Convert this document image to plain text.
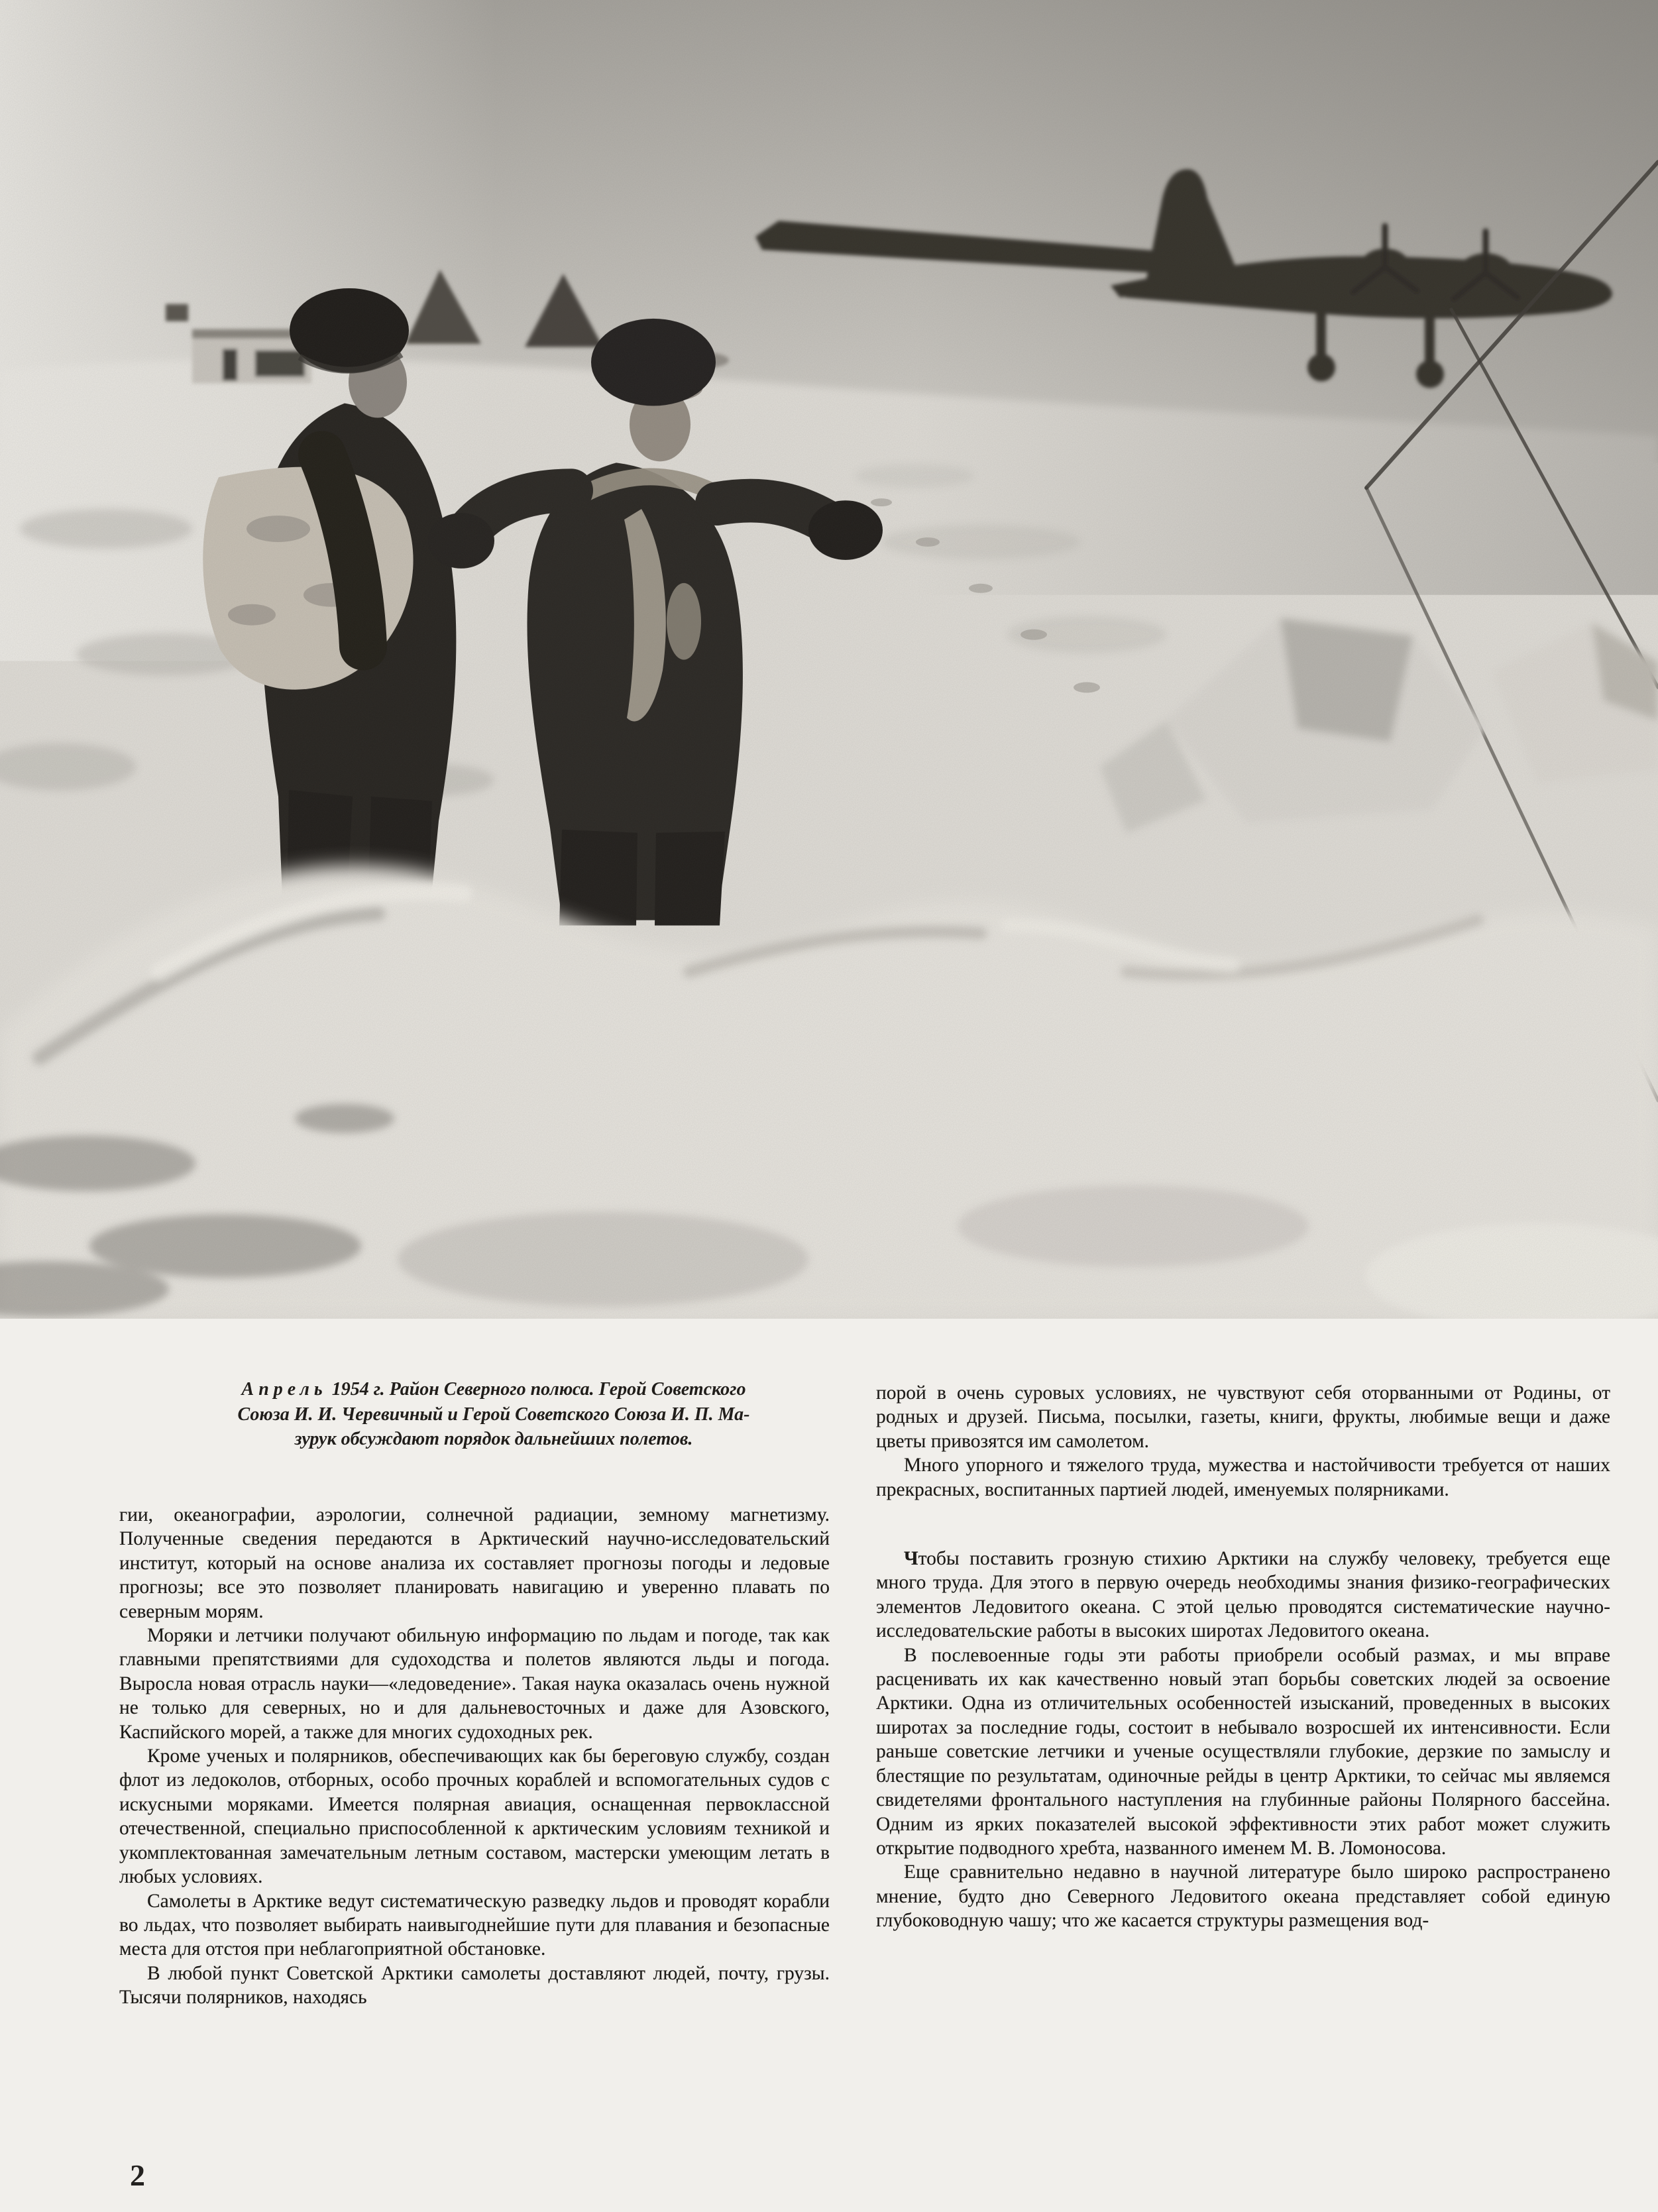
Апрель 1954 г. Район Северного полюса. Герой Советского
Союза И. И. Черевичный и Герой Советского Союза И. П. Ма-
зурук обсуждают порядок дальнейших полетов.

гии, океанографии, аэрологии, солнечной радиации, земному магнетизму. Полученные сведения передаются в Арктический научно-исследовательский институт, который на основе анализа их составляет прогнозы погоды и ледовые прогнозы; все это позволяет планировать навигацию и уверенно плавать по северным морям.

Моряки и летчики получают обильную информацию по льдам и погоде, так как главными препятствиями для судоходства и полетов являются льды и погода. Выросла новая отрасль науки—«ледоведение». Такая наука оказалась очень нужной не только для северных, но и для дальневосточных и даже для Азовского, Каспийского морей, а также для многих судоходных рек.

Кроме ученых и полярников, обеспечивающих как бы береговую службу, создан флот из ледоколов, отборных, особо прочных кораблей и вспомогательных судов с искусными моряками. Имеется полярная авиация, оснащенная первоклассной отечественной, специально приспособленной к арктическим условиям техникой и укомплектованная замечательным летным составом, мастерски умеющим летать в любых условиях.

Самолеты в Арктике ведут систематическую разведку льдов и проводят корабли во льдах, что позволяет выбирать наивыгоднейшие пути для плавания и безопасные места для отстоя при неблагоприятной обстановке.

В любой пункт Советской Арктики самолеты доставляют людей, почту, грузы. Тысячи полярников, находясь

порой в очень суровых условиях, не чувствуют себя оторванными от Родины, от родных и друзей. Письма, посылки, газеты, книги, фрукты, любимые вещи и даже цветы привозятся им самолетом.

Много упорного и тяжелого труда, мужества и настойчивости требуется от наших прекрасных, воспитанных партией людей, именуемых полярниками.

Чтобы поставить грозную стихию Арктики на службу человеку, требуется еще много труда. Для этого в первую очередь необходимы знания физико-географических элементов Ледовитого океана. С этой целью проводятся систематические научно-исследовательские работы в высоких широтах Ледовитого океана.

В послевоенные годы эти работы приобрели особый размах, и мы вправе расценивать их как качественно новый этап борьбы советских людей за освоение Арктики. Одна из отличительных особенностей изысканий, проведенных в высоких широтах за последние годы, состоит в небывало возросшей их интенсивности. Если раньше советские летчики и ученые осуществляли глубокие, дерзкие по замыслу и блестящие по результатам, одиночные рейды в центр Арктики, то сейчас мы являемся свидетелями фронтального наступления на глубинные районы Полярного бассейна. Одним из ярких показателей высокой эффективности этих работ может служить открытие подводного хребта, названного именем М. В. Ломоносова.

Еще сравнительно недавно в научной литературе было широко распространено мнение, будто дно Северного Ледовитого океана представляет собой единую глубоководную чашу; что же касается структуры размещения вод-

2
